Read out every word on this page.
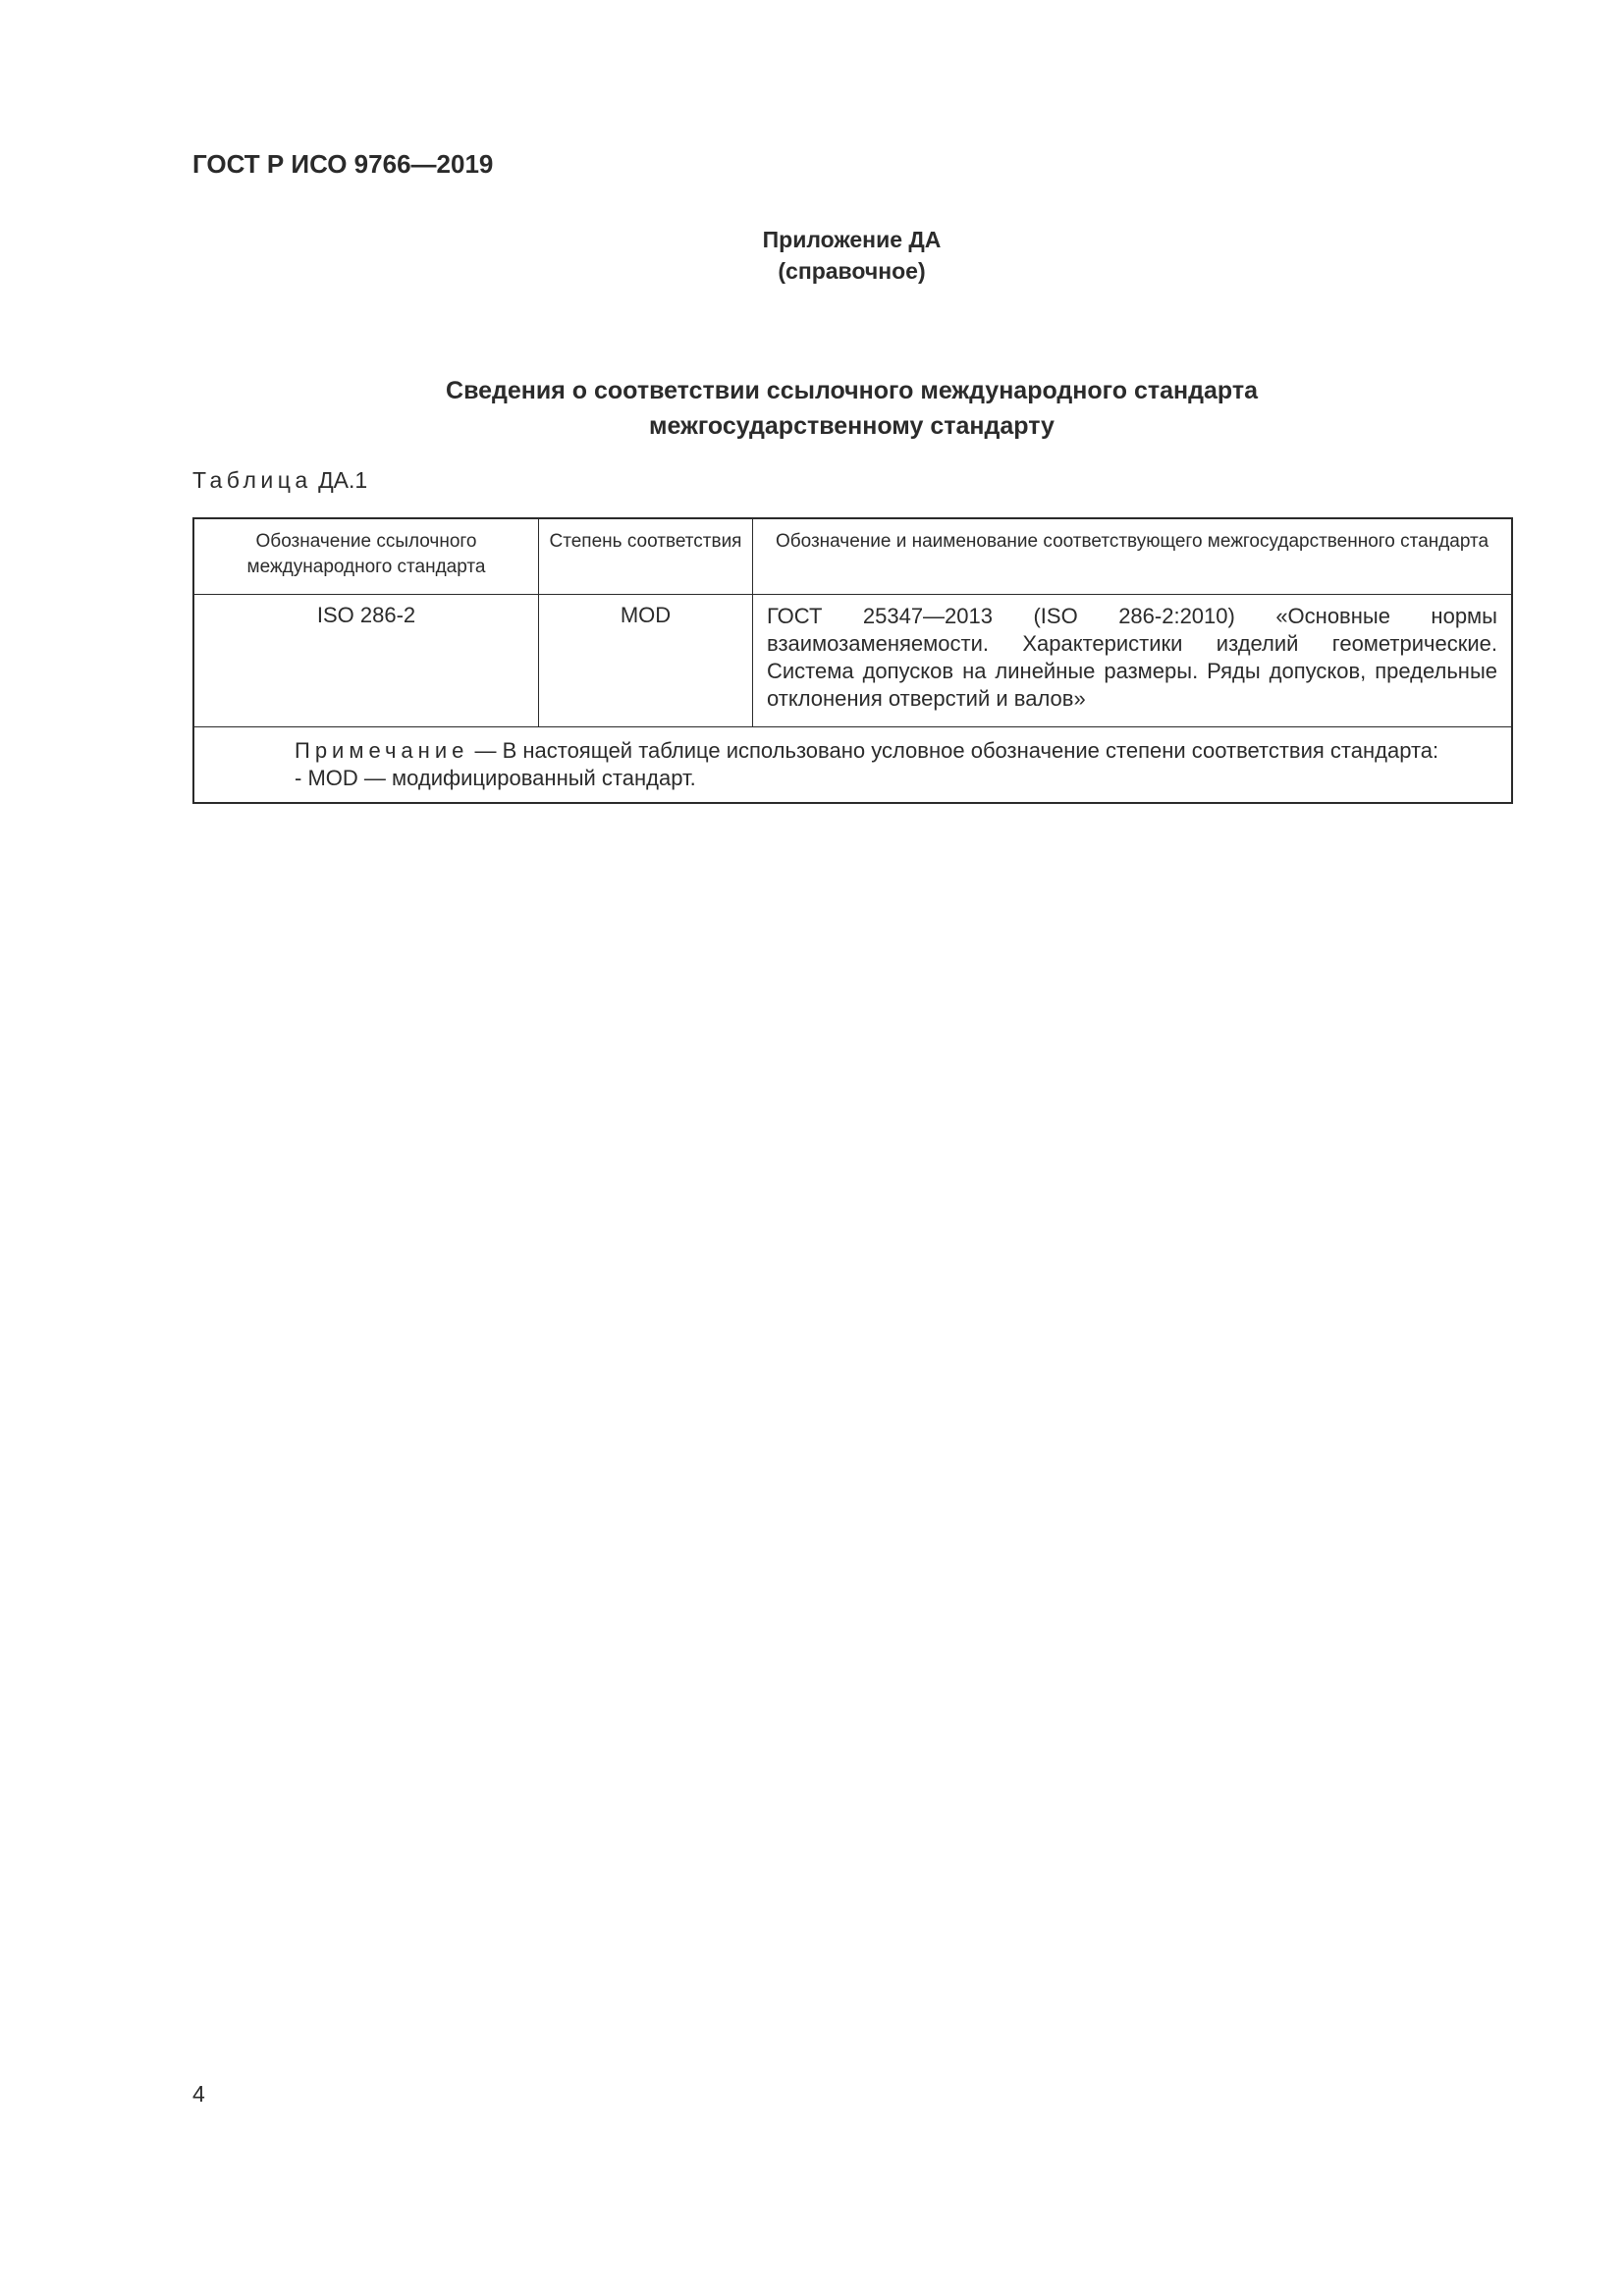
ГОСТ Р ИСО 9766—2019
Приложение ДА
(справочное)
Сведения о соответствии ссылочного международного стандарта
межгосударственному стандарту
Таблица ДА.1
Обозначение ссылочного международного стандарта	Степень соответствия	Обозначение и наименование соответствующего межгосударственного стандарта
ISO 286-2	MOD	ГОСТ 25347—2013 (ISO 286-2:2010) «Основные нормы взаимозаменяемости. Характеристики изделий геометрические. Система допусков на линейные размеры. Ряды допусков, предельные отклонения отверстий и валов»

Примечание — В настоящей таблице использовано условное обозначение степени соответствия стандарта:
- MOD — модифицированный стандарт.		
4
